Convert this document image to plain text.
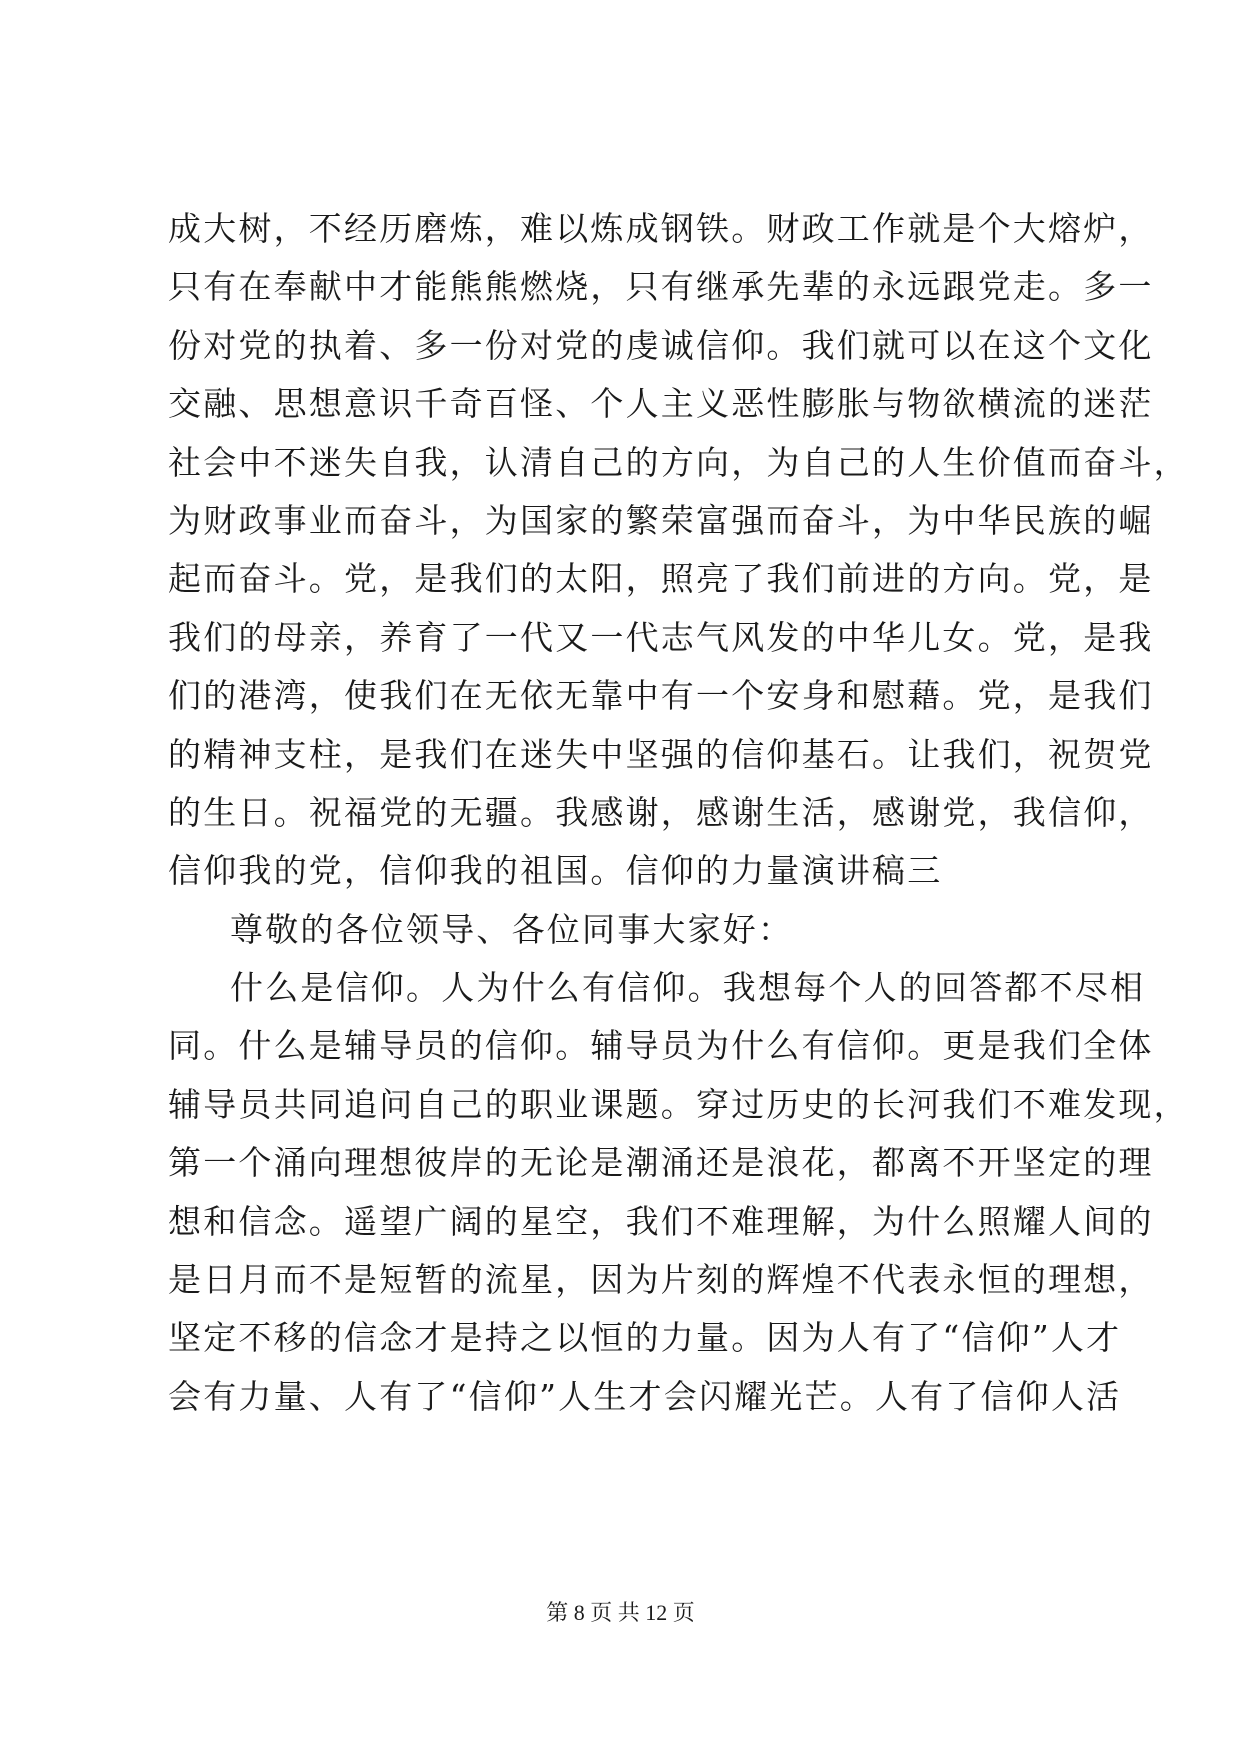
成大树，不经历磨炼，难以炼成钢铁。财政工作就是个大熔炉，
只有在奉献中才能熊熊燃烧，只有继承先辈的永远跟党走。多一
份对党的执着、多一份对党的虔诚信仰。我们就可以在这个文化
交融、思想意识千奇百怪、个人主义恶性膨胀与物欲横流的迷茫
社会中不迷失自我，认清自己的方向，为自己的人生价值而奋斗，
为财政事业而奋斗，为国家的繁荣富强而奋斗，为中华民族的崛
起而奋斗。党，是我们的太阳，照亮了我们前进的方向。党，是
我们的母亲，养育了一代又一代志气风发的中华儿女。党，是我
们的港湾，使我们在无依无靠中有一个安身和慰藉。党，是我们
的精神支柱，是我们在迷失中坚强的信仰基石。让我们，祝贺党
的生日。祝福党的无疆。我感谢，感谢生活，感谢党，我信仰，
信仰我的党，信仰我的祖国。信仰的力量演讲稿三
尊敬的各位领导、各位同事大家好：
什么是信仰。人为什么有信仰。我想每个人的回答都不尽相
同。什么是辅导员的信仰。辅导员为什么有信仰。更是我们全体
辅导员共同追问自己的职业课题。穿过历史的长河我们不难发现，
第一个涌向理想彼岸的无论是潮涌还是浪花，都离不开坚定的理
想和信念。遥望广阔的星空，我们不难理解，为什么照耀人间的
是日月而不是短暂的流星，因为片刻的辉煌不代表永恒的理想，
坚定不移的信念才是持之以恒的力量。因为人有了“信仰”人才
会有力量、人有了“信仰”人生才会闪耀光芒。人有了信仰人活
第 8 页 共 12 页
